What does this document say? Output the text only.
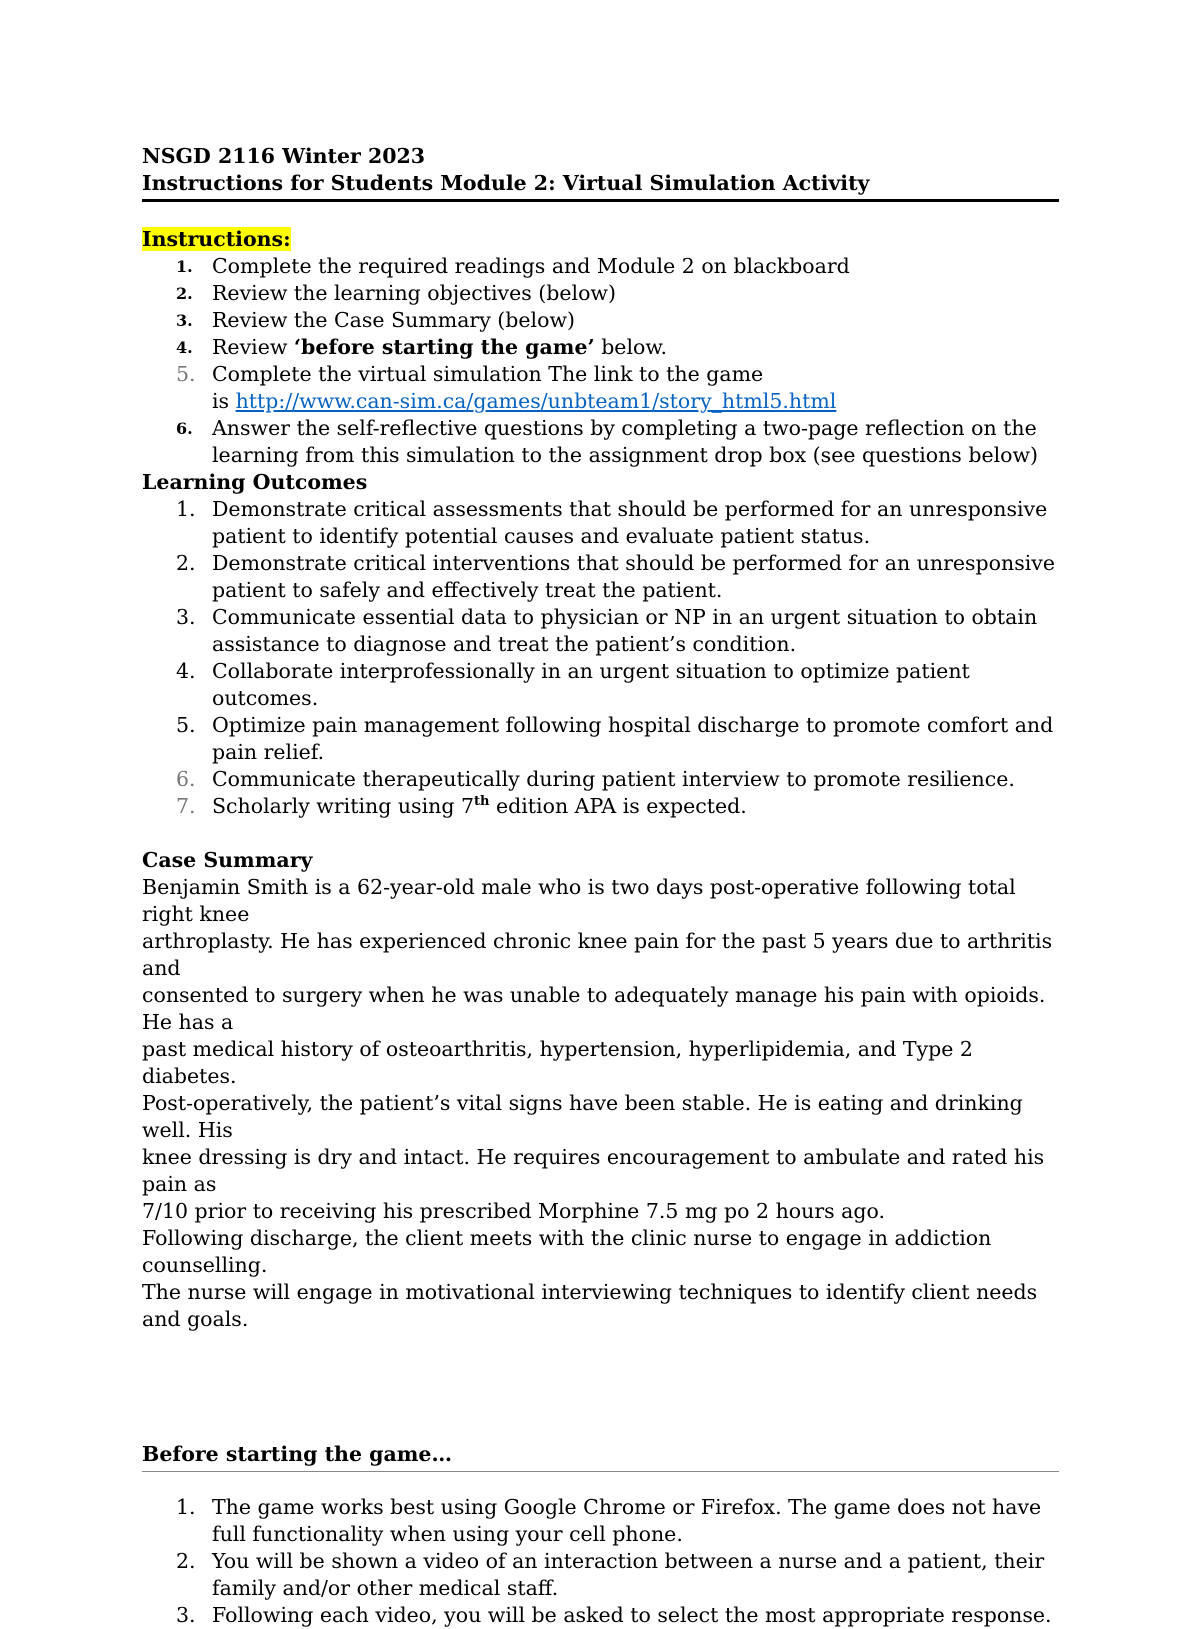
NSGD 2116 Winter 2023
Instructions for Students Module 2: Virtual Simulation Activity
Instructions:
1. Complete the required readings and Module 2 on blackboard
2. Review the learning objectives (below)
3. Review the Case Summary (below)
4. Review ‘before starting the game’ below.
5. Complete the virtual simulation The link to the game
is http://www.can-sim.ca/games/unbteam1/story_html5.html
6. Answer the self-reflective questions by completing a two-page reflection on the learning from this simulation to the assignment drop box (see questions below)
Learning Outcomes
1. Demonstrate critical assessments that should be performed for an unresponsive patient to identify potential causes and evaluate patient status.
2. Demonstrate critical interventions that should be performed for an unresponsive patient to safely and effectively treat the patient.
3. Communicate essential data to physician or NP in an urgent situation to obtain assistance to diagnose and treat the patient’s condition.
4. Collaborate interprofessionally in an urgent situation to optimize patient outcomes.
5. Optimize pain management following hospital discharge to promote comfort and pain relief.
6. Communicate therapeutically during patient interview to promote resilience.
7. Scholarly writing using 7th edition APA is expected.
Case Summary
Benjamin Smith is a 62-year-old male who is two days post-operative following total right knee
arthroplasty. He has experienced chronic knee pain for the past 5 years due to arthritis and
consented to surgery when he was unable to adequately manage his pain with opioids. He has a
past medical history of osteoarthritis, hypertension, hyperlipidemia, and Type 2 diabetes.
Post-operatively, the patient’s vital signs have been stable. He is eating and drinking well. His
knee dressing is dry and intact. He requires encouragement to ambulate and rated his pain as
7/10 prior to receiving his prescribed Morphine 7.5 mg po 2 hours ago.
Following discharge, the client meets with the clinic nurse to engage in addiction counselling.
The nurse will engage in motivational interviewing techniques to identify client needs and goals.
Before starting the game…
1. The game works best using Google Chrome or Firefox. The game does not have full functionality when using your cell phone.
2. You will be shown a video of an interaction between a nurse and a patient, their family and/or other medical staff.
3. Following each video, you will be asked to select the most appropriate response.
